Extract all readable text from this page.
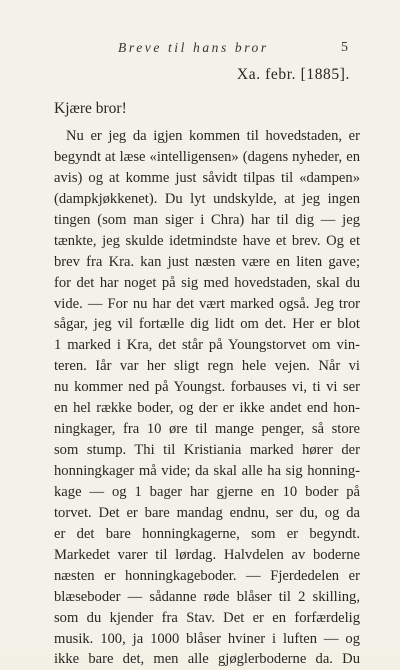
Breve til hans bror	5
Xa. febr. [1885].
Kjære bror!
Nu er jeg da igjen kommen til hovedstaden, er
begyndt at læse «intelligensen» (dagens nyheder, en
avis) og at komme just såvidt tilpas til «dampen»
(dampkjøkkenet). Du lyt undskylde, at jeg ingen
tingen (som man siger i Chra) har til dig — jeg
tænkte, jeg skulde idetmindste have et brev. Og et
brev fra Kra. kan just næsten være en liten gave;
for det har noget på sig med hovedstaden, skal du
vide. — For nu har det vært marked også. Jeg tror
sågar, jeg vil fortælle dig lidt om det. Her er blot
1 marked i Kra, det står på Youngstorvet om vin-
teren. Iår var her sligt regn hele vejen. Når vi
nu kommer ned på Youngst. forbauses vi, ti vi ser
en hel række boder, og der er ikke andet end hon-
ningkager, fra 10 øre til mange penger, så store
som stump. Thi til Kristiania marked hører der
honningkager må vide; da skal alle ha sig honning-
kage — og 1 bager har gjerne en 10 boder på
torvet. Det er bare mandag endnu, ser du, og da
er det bare honningkagerne, som er begyndt.
Markedet varer til lørdag. Halvdelen av boderne
næsten er honningkageboder. — Fjerdedelen er
blæseboder — sådanne røde blåser til 2 skilling,
som du kjender fra Stav. Det er en forfærdelig
musik. 100, ja 1000 blåser hviner i luften — og
ikke bare det, men alle gjøglerboderne da. Du
